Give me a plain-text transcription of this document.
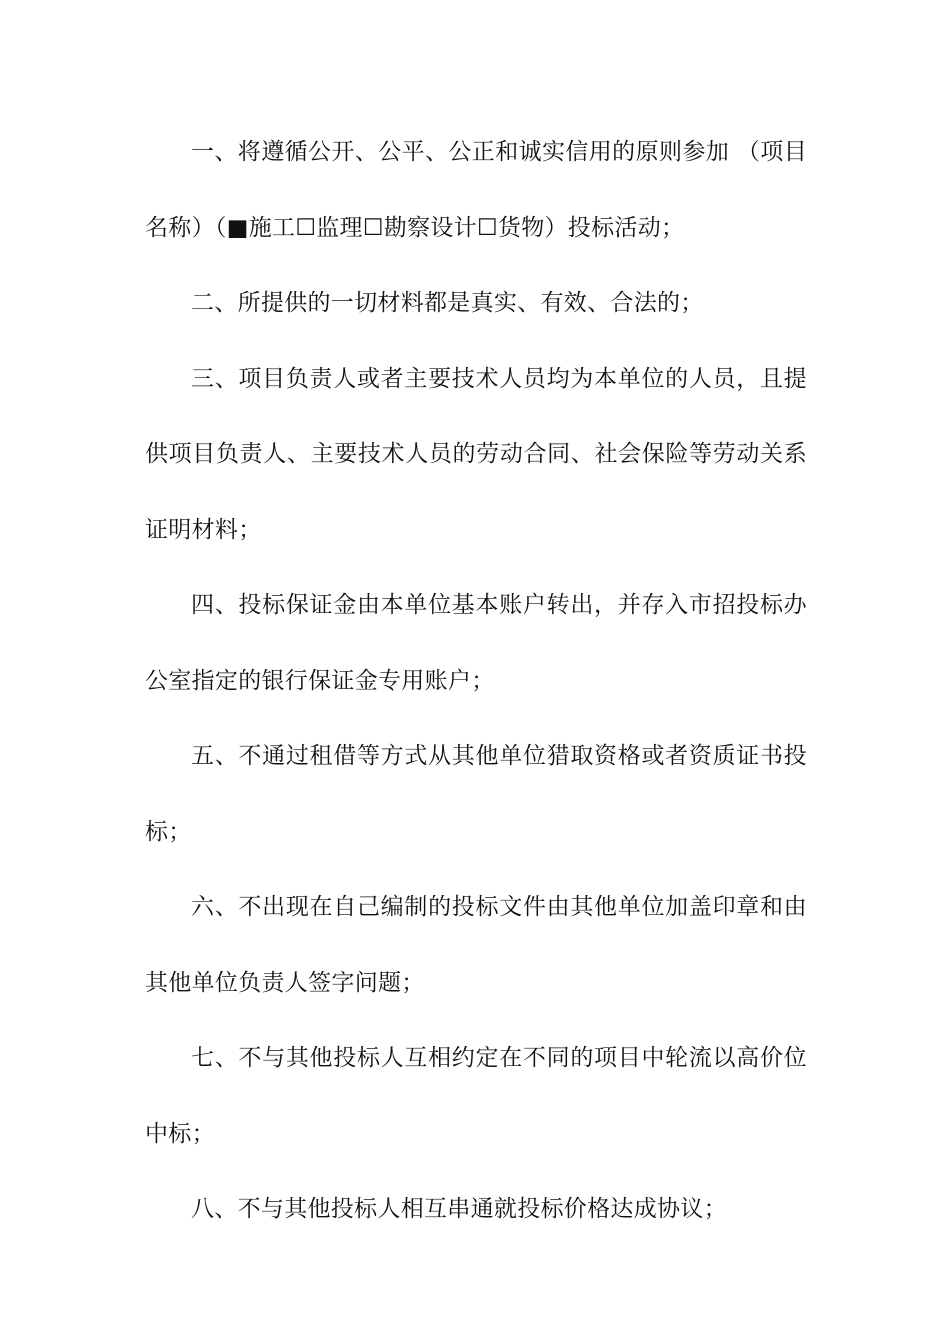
一、将遵循公开、公平、公正和诚实信用的原则参加 （项目名称）（■施工☐监理☐勘察设计☐货物）投标活动；

二、所提供的一切材料都是真实、有效、合法的；

三、项目负责人或者主要技术人员均为本单位的人员，且提供项目负责人、主要技术人员的劳动合同、社会保险等劳动关系证明材料；

四、投标保证金由本单位基本账户转出，并存入市招投标办公室指定的银行保证金专用账户；

五、不通过租借等方式从其他单位猎取资格或者资质证书投标；

六、不出现在自己编制的投标文件由其他单位加盖印章和由其他单位负责人签字问题；

七、不与其他投标人互相约定在不同的项目中轮流以高价位中标；

八、不与其他投标人相互串通就投标价格达成协议；
